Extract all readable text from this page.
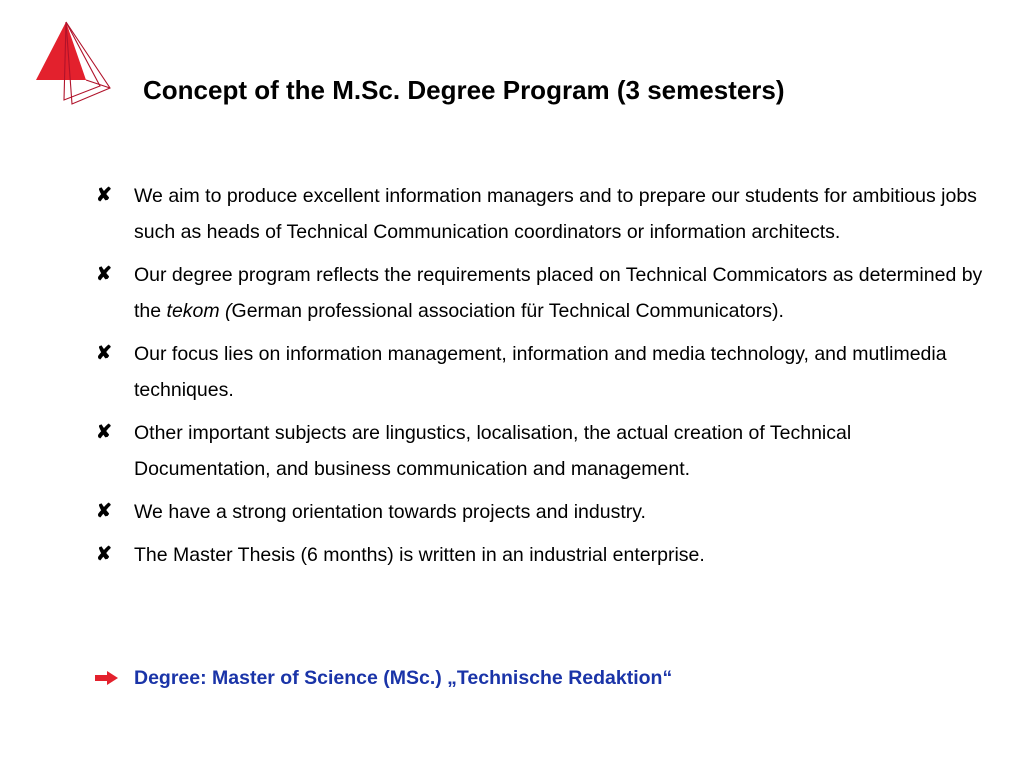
Concept of the M.Sc. Degree Program (3 semesters)
✘ We aim to produce excellent information managers and to prepare our students for ambitious jobs such as heads of Technical Communication coordinators or information architects.
✘ Our degree program reflects the requirements placed on Technical Commicators as determined by the tekom (German professional association für Technical Communicators).
✘ Our focus lies on information management, information and media technology, and mutlimedia techniques.
✘ Other important subjects are lingustics, localisation, the actual creation of Technical Documentation, and business communication and management.
✘ We have a strong orientation towards projects and industry.
✘ The Master Thesis (6 months) is written in an industrial enterprise.
Degree: Master of Science (MSc.) „Technische Redaktion“
